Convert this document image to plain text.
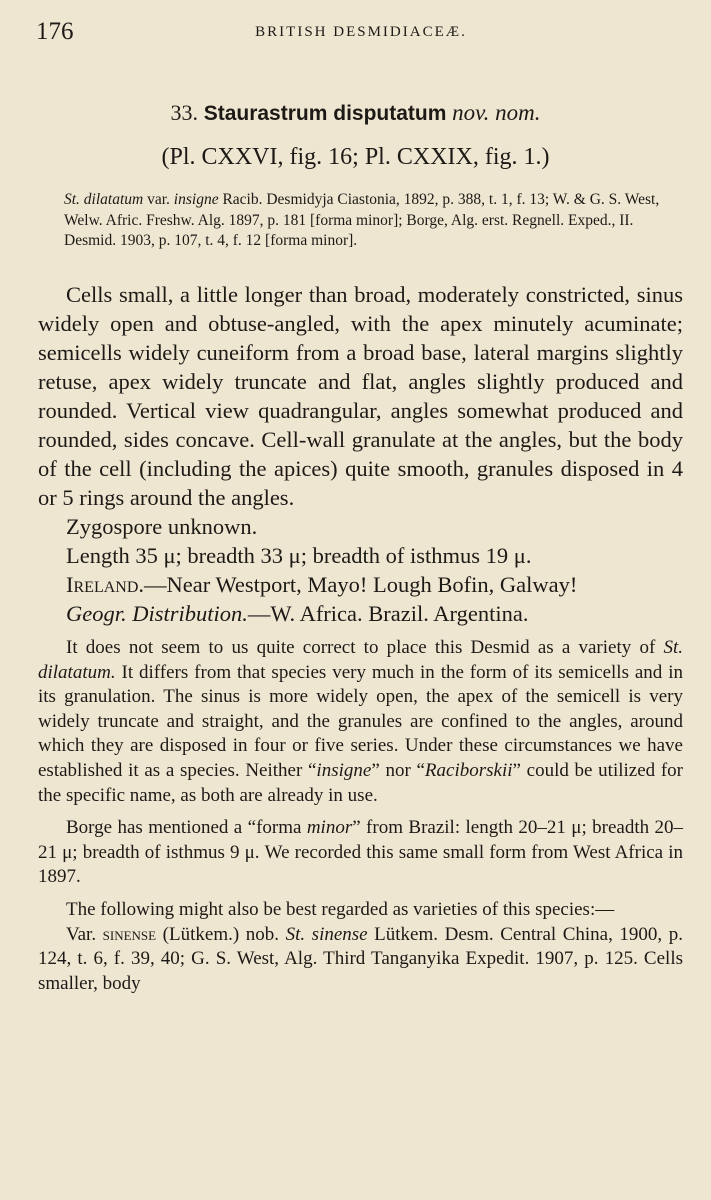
176	BRITISH DESMIDIACEÆ.
33. Staurastrum disputatum nov. nom.
(Pl. CXXVI, fig. 16; Pl. CXXIX, fig. 1.)
St. dilatatum var. insigne Racib. Desmidyja Ciastonia, 1892, p. 388, t. 1, f. 13; W. & G. S. West, Welw. Afric. Freshw. Alg. 1897, p. 181 [forma minor]; Borge, Alg. erst. Regnell. Exped., II. Desmid. 1903, p. 107, t. 4, f. 12 [forma minor].

Cells small, a little longer than broad, moderately constricted, sinus widely open and obtuse-angled, with the apex minutely acuminate; semicells widely cuneiform from a broad base, lateral margins slightly retuse, apex widely truncate and flat, angles slightly produced and rounded. Vertical view quadrangular, angles somewhat produced and rounded, sides concave. Cell-wall granulate at the angles, but the body of the cell (including the apices) quite smooth, granules disposed in 4 or 5 rings around the angles.

Zygospore unknown.

Length 35 μ; breadth 33 μ; breadth of isthmus 19 μ.

Ireland.—Near Westport, Mayo! Lough Bofin, Galway!

Geogr. Distribution.—W. Africa. Brazil. Argentina.

It does not seem to us quite correct to place this Desmid as a variety of St. dilatatum. It differs from that species very much in the form of its semicells and in its granulation. The sinus is more widely open, the apex of the semicell is very widely truncate and straight, and the granules are confined to the angles, around which they are disposed in four or five series. Under these circumstances we have established it as a species. Neither “insigne” nor “Raciborskii” could be utilized for the specific name, as both are already in use.

Borge has mentioned a “forma minor” from Brazil: length 20–21 μ; breadth 20–21 μ; breadth of isthmus 9 μ. We recorded this same small form from West Africa in 1897.

The following might also be best regarded as varieties of this species:—

Var. sinense (Lütkem.) nob. St. sinense Lütkem. Desm. Central China, 1900, p. 124, t. 6, f. 39, 40; G. S. West, Alg. Third Tanganyika Expedit. 1907, p. 125. Cells smaller, body
